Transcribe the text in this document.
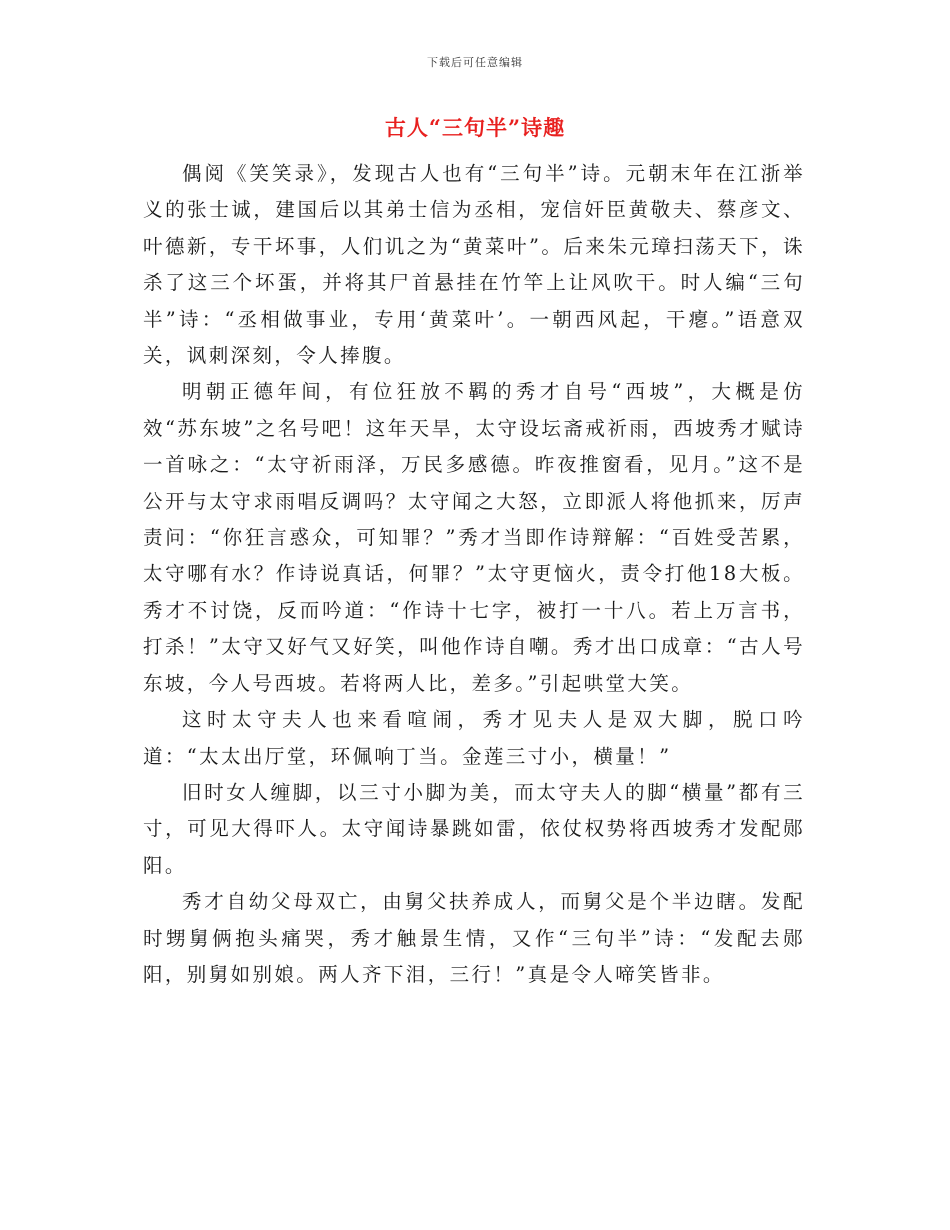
下载后可任意编辑
古人“三句半”诗趣

偶阅《笑笑录》，发现古人也有“三句半”诗。元朝末年在江浙举义的张士诚，建国后以其弟士信为丞相，宠信奸臣黄敬夫、蔡彦文、叶德新，专干坏事，人们讥之为“黄菜叶”。后来朱元璋扫荡天下，诛杀了这三个坏蛋，并将其尸首悬挂在竹竿上让风吹干。时人编“三句半”诗：“丞相做事业，专用‘黄菜叶’。一朝西风起，干瘪。”语意双关，讽刺深刻，令人捧腹。

明朝正德年间，有位狂放不羁的秀才自号“西坡”，大概是仿效“苏东坡”之名号吧！这年天旱，太守设坛斋戒祈雨，西坡秀才赋诗一首咏之：“太守祈雨泽，万民多感德。昨夜推窗看，见月。”这不是公开与太守求雨唱反调吗？太守闻之大怒，立即派人将他抓来，厉声责问：“你狂言惑众，可知罪？”秀才当即作诗辩解：“百姓受苦累，太守哪有水？作诗说真话，何罪？”太守更恼火，责令打他18大板。秀才不讨饶，反而吟道：“作诗十七字，被打一十八。若上万言书，打杀！”太守又好气又好笑，叫他作诗自嘲。秀才出口成章：“古人号东坡，今人号西坡。若将两人比，差多。”引起哄堂大笑。

这时太守夫人也来看喧闹，秀才见夫人是双大脚，脱口吟道：“太太出厅堂，环佩响丁当。金莲三寸小，横量！”

旧时女人缠脚，以三寸小脚为美，而太守夫人的脚“横量”都有三寸，可见大得吓人。太守闻诗暴跳如雷，依仗权势将西坡秀才发配郧阳。

秀才自幼父母双亡，由舅父扶养成人，而舅父是个半边瞎。发配时甥舅俩抱头痛哭，秀才触景生情，又作“三句半”诗：“发配去郧阳，别舅如别娘。两人齐下泪，三行！”真是令人啼笑皆非。
